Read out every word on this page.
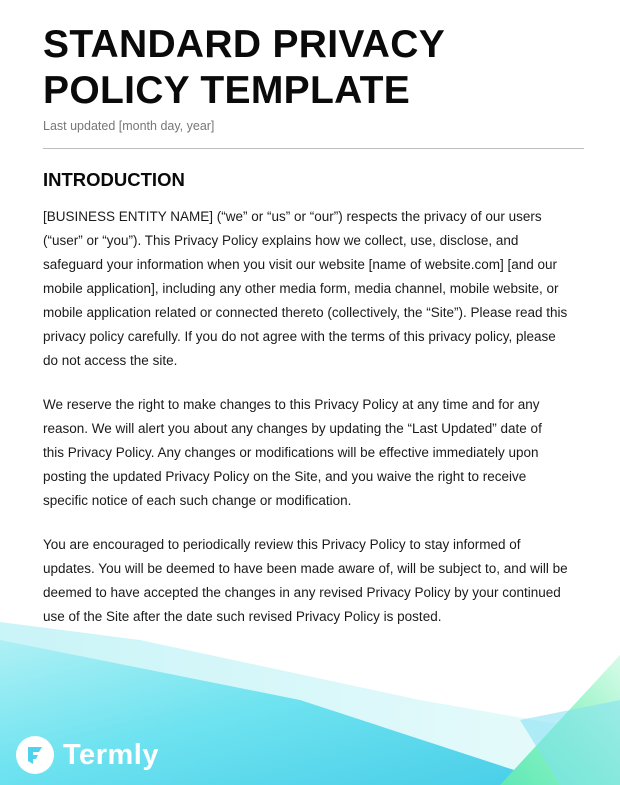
STANDARD PRIVACY
POLICY TEMPLATE
Last updated [month day, year]
INTRODUCTION

[BUSINESS ENTITY NAME] (“we” or “us” or “our”) respects the privacy of our users
(“user” or “you”). This Privacy Policy explains how we collect, use, disclose, and
safeguard your information when you visit our website [name of website.com] [and our
mobile application], including any other media form, media channel, mobile website, or
mobile application related or connected thereto (collectively, the “Site”). Please read this
privacy policy carefully. If you do not agree with the terms of this privacy policy, please
do not access the site.

We reserve the right to make changes to this Privacy Policy at any time and for any
reason. We will alert you about any changes by updating the “Last Updated” date of
this Privacy Policy. Any changes or modifications will be effective immediately upon
posting the updated Privacy Policy on the Site, and you waive the right to receive
specific notice of each such change or modification.

You are encouraged to periodically review this Privacy Policy to stay informed of
updates. You will be deemed to have been made aware of, will be subject to, and will be
deemed to have accepted the changes in any revised Privacy Policy by your continued
use of the Site after the date such revised Privacy Policy is posted.

Termly
